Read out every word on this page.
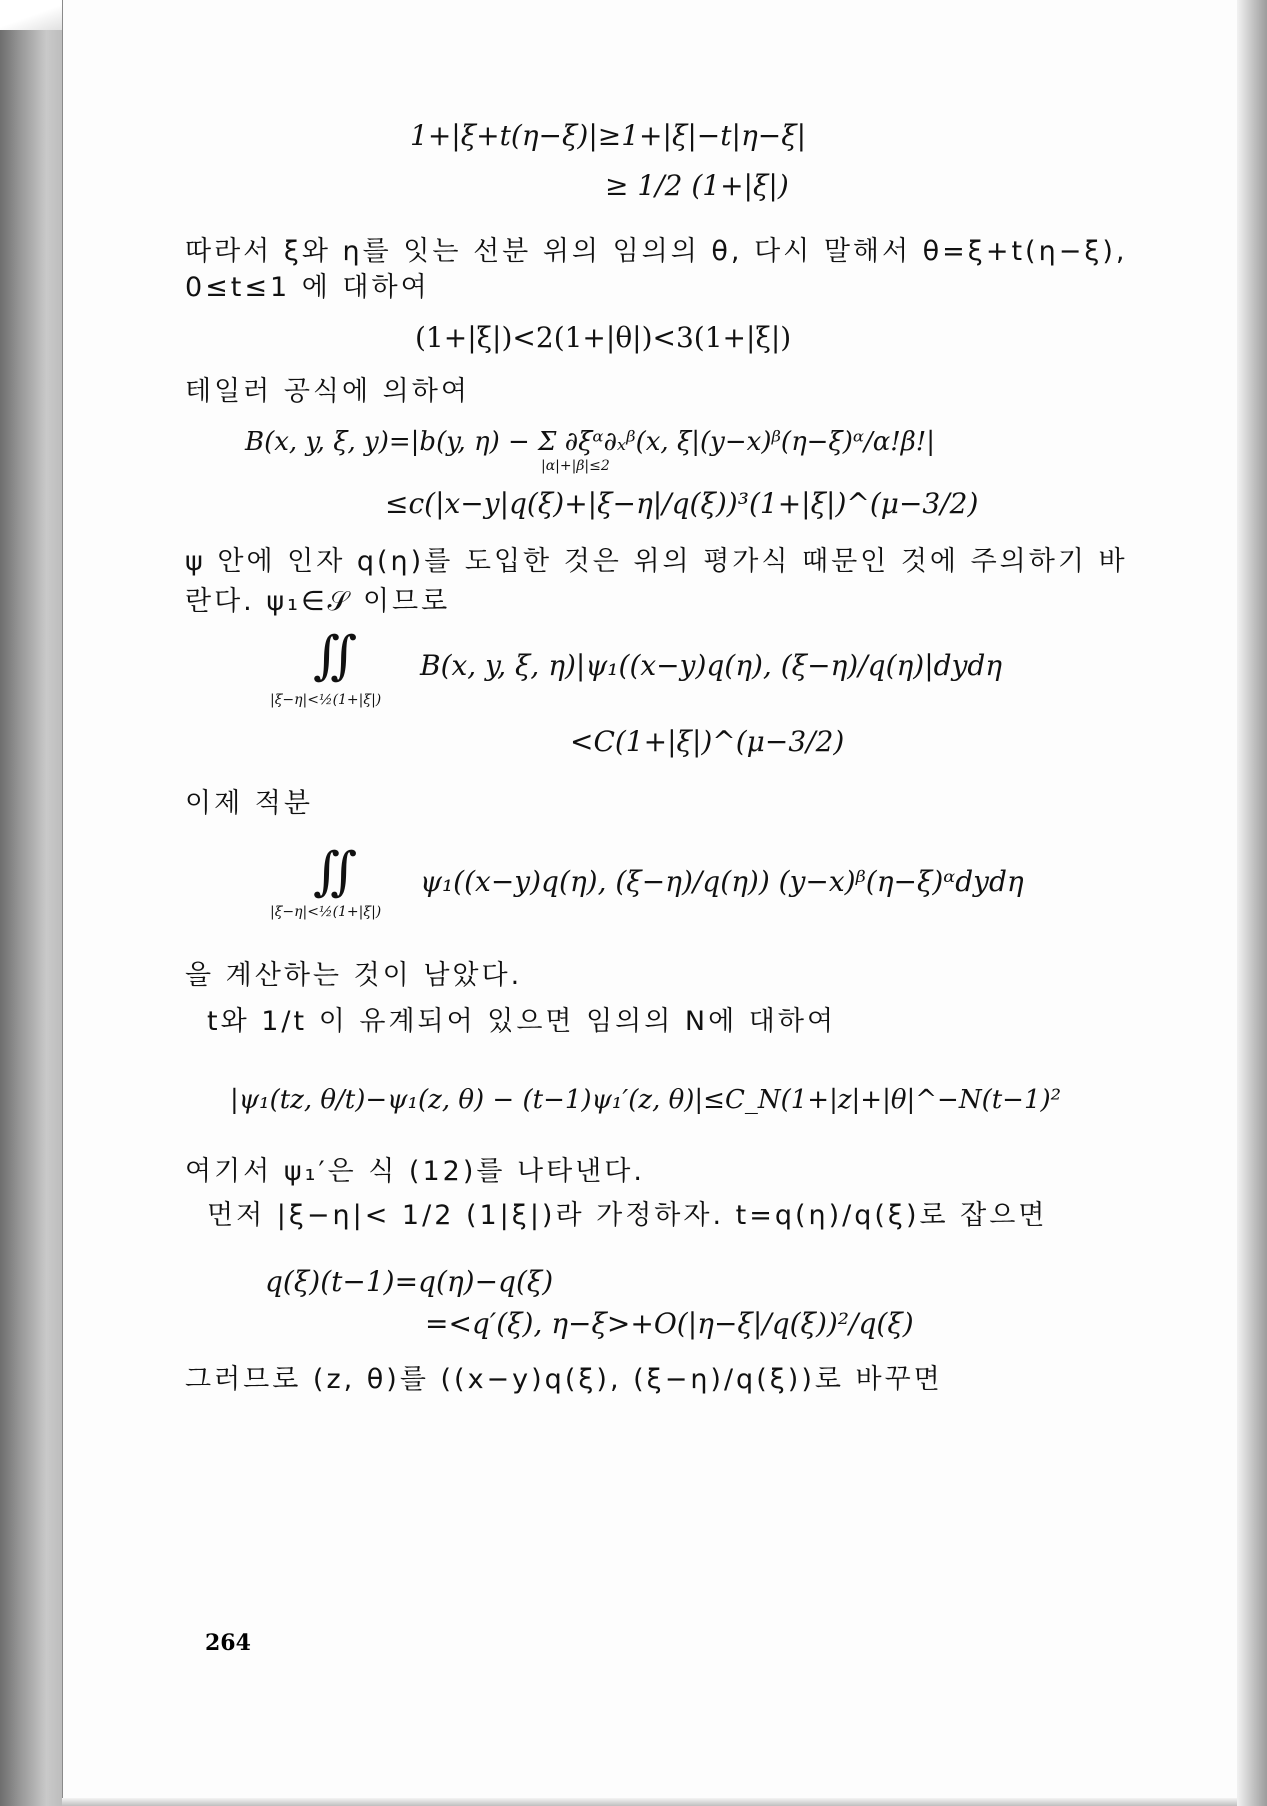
1+|ξ+t(η−ξ)|≥1+|ξ|−t|η−ξ|
≥ 1/2 (1+|ξ|)
따라서 ξ와 η를 잇는 선분 위의 임의의 θ, 다시 말해서 θ=ξ+t(η−ξ),
0≤t≤1 에 대하여
(1+|ξ|)<2(1+|θ|)<3(1+|ξ|)
테일러 공식에 의하여
B(x, y, ξ, y)=|b(y, η) − Σ ∂ξᵅ∂ₓᵝ(x, ξ|(y−x)ᵝ(η−ξ)ᵅ/α!β!|
|α|+|β|≤2
≤c(|x−y|q(ξ)+|ξ−η|/q(ξ))³(1+|ξ|)^(μ−3/2)
ψ 안에 인자 q(η)를 도입한 것은 위의 평가식 때문인 것에 주의하기 바
란다. ψ₁∈𝒮 이므로
∬ B(x, y, ξ, η)|ψ₁((x−y)q(η), (ξ−η)/q(η)|dydη
|ξ−η|<½(1+|ξ|)
<C(1+|ξ|)^(μ−3/2)
이제 적분
∬ ψ₁((x−y)q(η), (ξ−η)/q(η)) (y−x)ᵝ(η−ξ)ᵅdydη
|ξ−η|<½(1+|ξ|)
을 계산하는 것이 남았다.
t와 1/t 이 유계되어 있으면 임의의 N에 대하여
|ψ₁(tz, θ/t)−ψ₁(z, θ) − (t−1)ψ₁′(z, θ)|≤C_N(1+|z|+|θ|^−N(t−1)²
여기서 ψ₁′은 식 (12)를 나타낸다.
먼저 |ξ−η|< 1/2 (1|ξ|)라 가정하자. t=q(η)/q(ξ)로 잡으면
q(ξ)(t−1)=q(η)−q(ξ)
=<q′(ξ), η−ξ>+O(|η−ξ|/q(ξ))²/q(ξ)
그러므로 (z, θ)를 ((x−y)q(ξ), (ξ−η)/q(ξ))로 바꾸면
264
